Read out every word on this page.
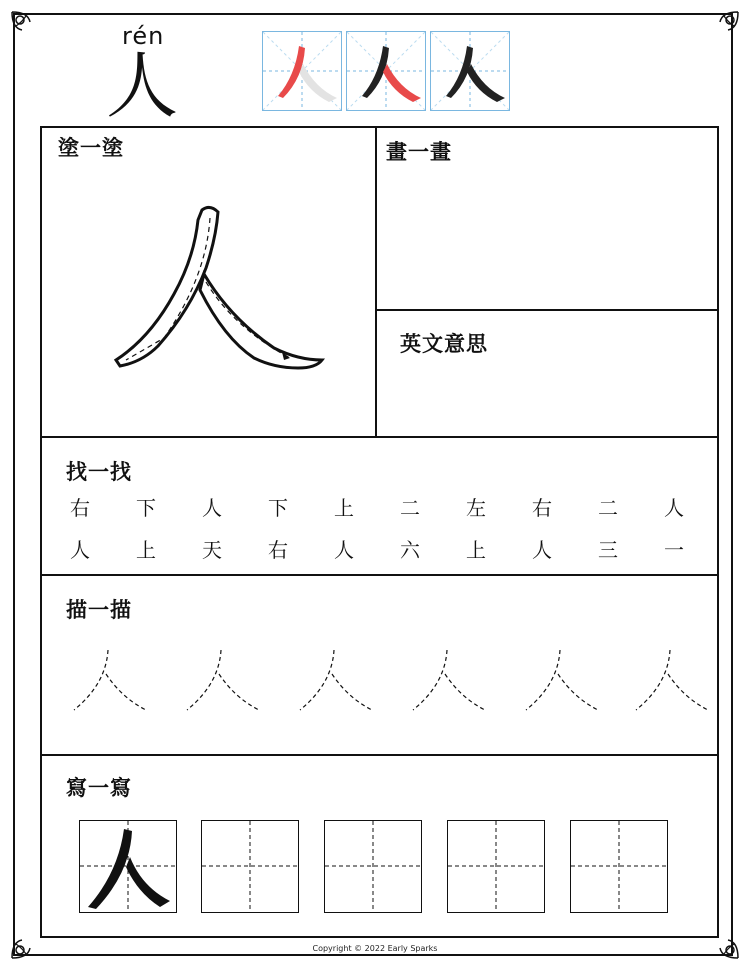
rén
人
塗一塗	畫一畫
英文意思
找一找
右	下	人	下	上	二	左	右	二	人
人	上	天	右	人	六	上	人	三	一
描一描
寫一寫
Copyright © 2022 Early Sparks
